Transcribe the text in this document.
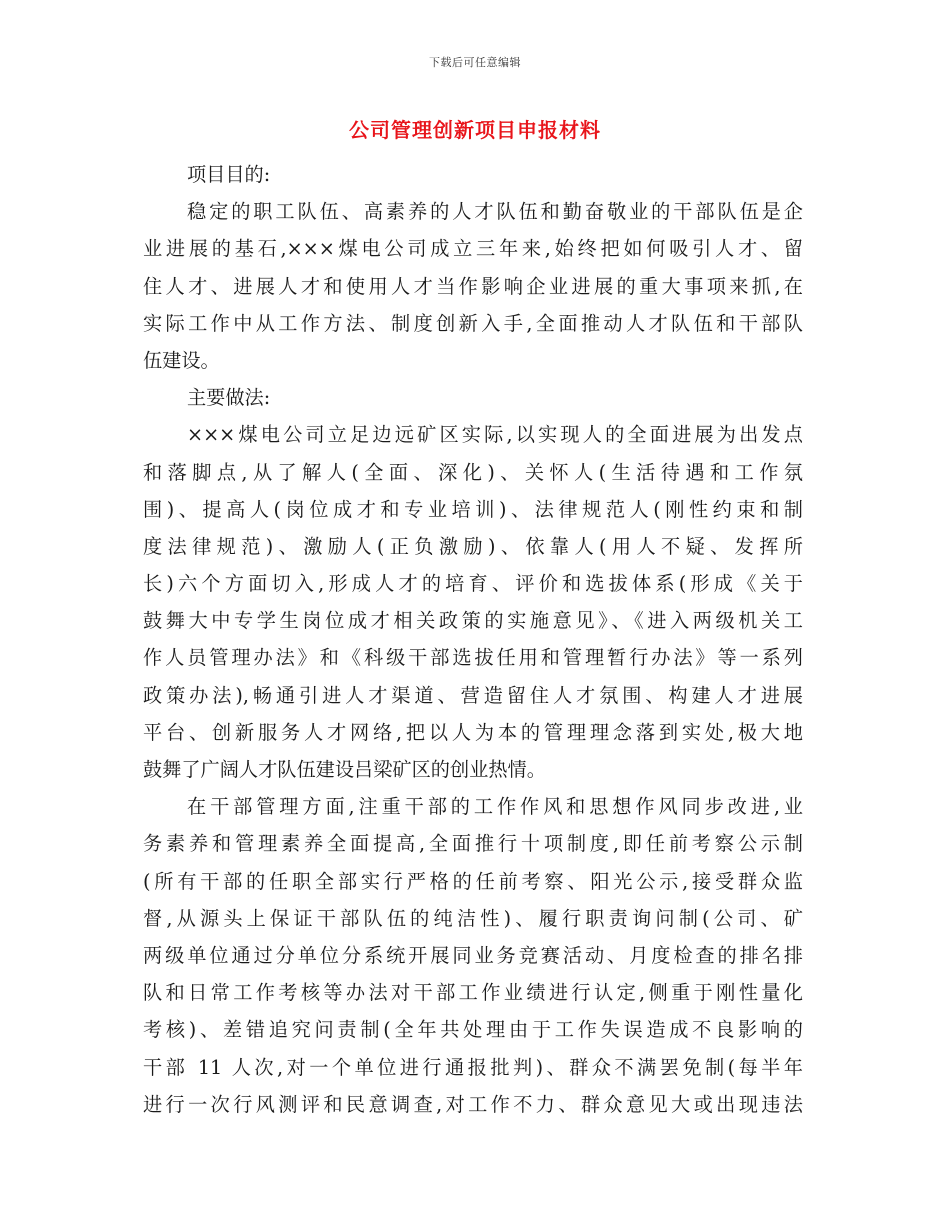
下载后可任意编辑
公司管理创新项目申报材料
项目目的:
稳定的职工队伍、高素养的人才队伍和勤奋敬业的干部队伍是企
业进展的基石,×××煤电公司成立三年来,始终把如何吸引人才、留
住人才、进展人才和使用人才当作影响企业进展的重大事项来抓,在
实际工作中从工作方法、制度创新入手,全面推动人才队伍和干部队
伍建设。
主要做法:
×××煤电公司立足边远矿区实际,以实现人的全面进展为出发点
和落脚点,从了解人(全面、深化)、关怀人(生活待遇和工作氛
围)、提高人(岗位成才和专业培训)、法律规范人(刚性约束和制
度法律规范)、激励人(正负激励)、依靠人(用人不疑、发挥所
长)六个方面切入,形成人才的培育、评价和选拔体系(形成《关于
鼓舞大中专学生岗位成才相关政策的实施意见》、《进入两级机关工
作人员管理办法》和《科级干部选拔任用和管理暂行办法》等一系列
政策办法),畅通引进人才渠道、营造留住人才氛围、构建人才进展
平台、创新服务人才网络,把以人为本的管理理念落到实处,极大地
鼓舞了广阔人才队伍建设吕梁矿区的创业热情。
在干部管理方面,注重干部的工作作风和思想作风同步改进,业
务素养和管理素养全面提高,全面推行十项制度,即任前考察公示制
(所有干部的任职全部实行严格的任前考察、阳光公示,接受群众监
督,从源头上保证干部队伍的纯洁性)、履行职责询问制(公司、矿
两级单位通过分单位分系统开展同业务竞赛活动、月度检查的排名排
队和日常工作考核等办法对干部工作业绩进行认定,侧重于刚性量化
考核)、差错追究问责制(全年共处理由于工作失误造成不良影响的
干部 11 人次,对一个单位进行通报批判)、群众不满罢免制(每半年
进行一次行风测评和民意调查,对工作不力、群众意见大或出现违法
